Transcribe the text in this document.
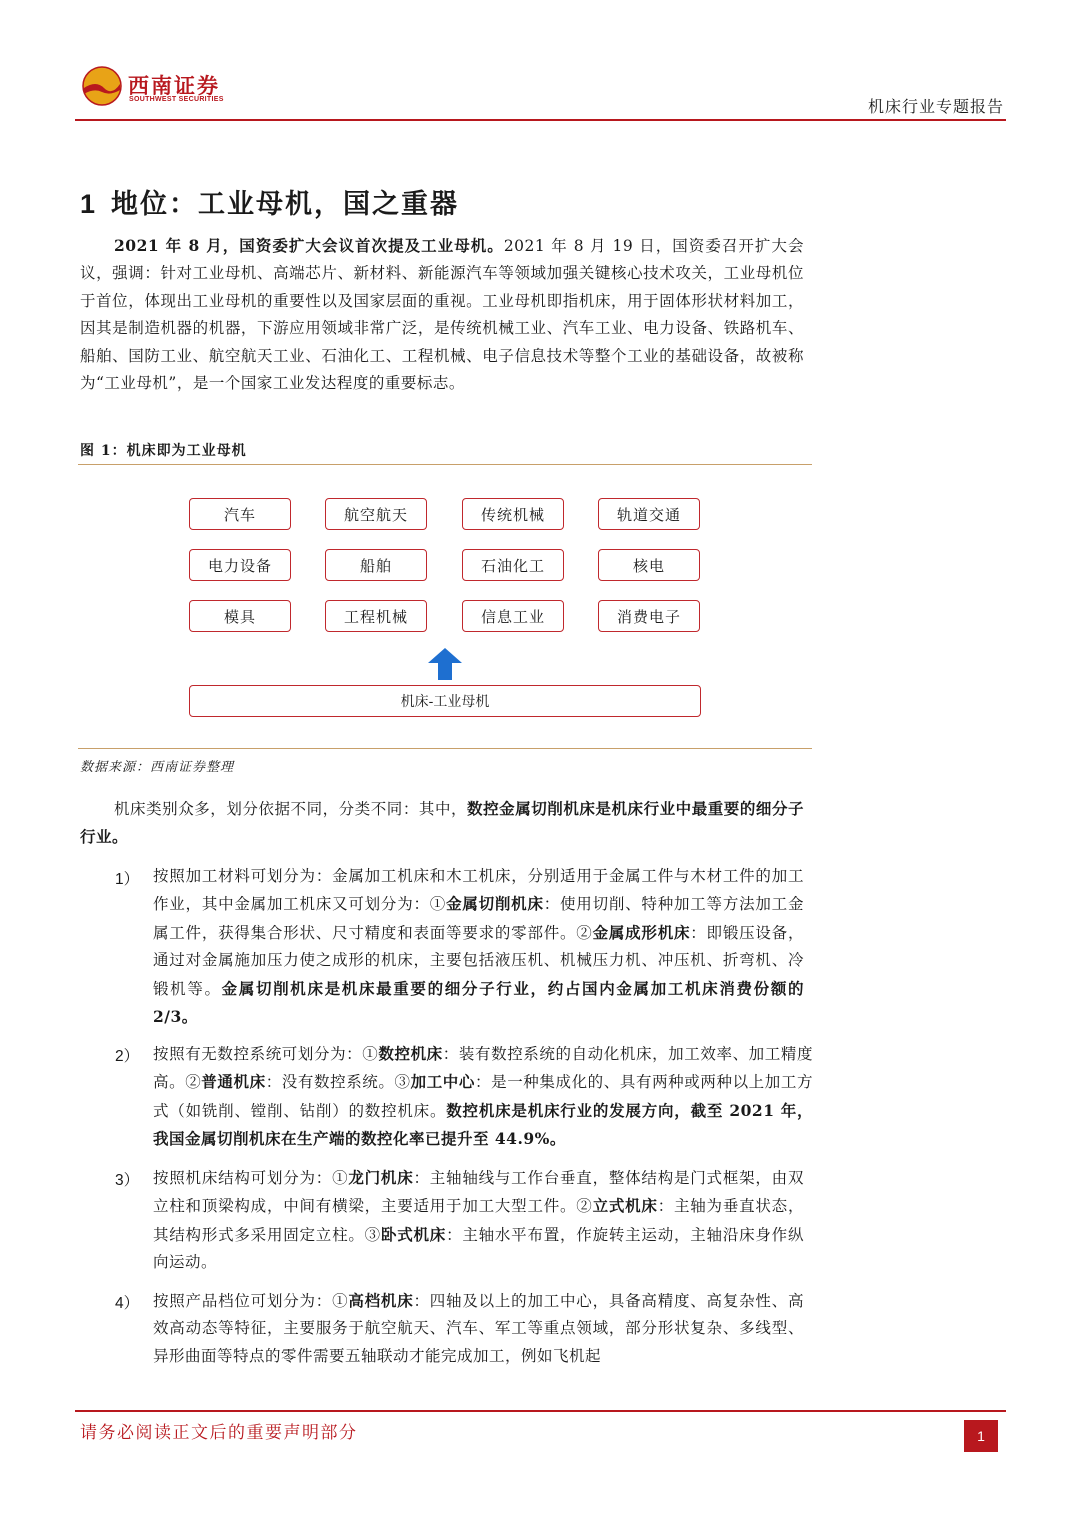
西南证券
SOUTHWEST SECURITIES	机床行业专题报告
1 地位：工业母机，国之重器

2021 年 8 月，国资委扩大会议首次提及工业母机。2021 年 8 月 19 日，国资委召开扩大会议，强调：针对工业母机、高端芯片、新材料、新能源汽车等领域加强关键核心技术攻关，工业母机位于首位，体现出工业母机的重要性以及国家层面的重视。工业母机即指机床，用于固体形状材料加工，因其是制造机器的机器，下游应用领域非常广泛，是传统机械工业、汽车工业、电力设备、铁路机车、船舶、国防工业、航空航天工业、石油化工、工程机械、电子信息技术等整个工业的基础设备，故被称为“工业母机”，是一个国家工业发达程度的重要标志。

图 1：机床即为工业母机
汽车	航空航天	传统机械	轨道交通
电力设备	船舶	石油化工	核电
模具	工程机械	信息工业	消费电子
机床-工业母机
数据来源：西南证券整理

机床类别众多，划分依据不同，分类不同：其中，数控金属切削机床是机床行业中最重要的细分子行业。

1） 按照加工材料可划分为：金属加工机床和木工机床，分别适用于金属工件与木材工件的加工作业，其中金属加工机床又可划分为：①金属切削机床：使用切削、特种加工等方法加工金属工件，获得集合形状、尺寸精度和表面等要求的零部件。②金属成形机床：即锻压设备，通过对金属施加压力使之成形的机床，主要包括液压机、机械压力机、冲压机、折弯机、冷锻机等。金属切削机床是机床最重要的细分子行业，约占国内金属加工机床消费份额的 2/3。

2） 按照有无数控系统可划分为：①数控机床：装有数控系统的自动化机床，加工效率、加工精度高。②普通机床：没有数控系统。③加工中心：是一种集成化的、具有两种或两种以上加工方式（如铣削、镗削、钻削）的数控机床。数控机床是机床行业的发展方向，截至 2021 年，我国金属切削机床在生产端的数控化率已提升至 44.9%。

3） 按照机床结构可划分为：①龙门机床：主轴轴线与工作台垂直，整体结构是门式框架，由双立柱和顶梁构成，中间有横梁，主要适用于加工大型工件。②立式机床：主轴为垂直状态，其结构形式多采用固定立柱。③卧式机床：主轴水平布置，作旋转主运动，主轴沿床身作纵向运动。

4） 按照产品档位可划分为：①高档机床：四轴及以上的加工中心，具备高精度、高复杂性、高效高动态等特征，主要服务于航空航天、汽车、军工等重点领域，部分形状复杂、多线型、异形曲面等特点的零件需要五轴联动才能完成加工，例如飞机起

请务必阅读正文后的重要声明部分	1
